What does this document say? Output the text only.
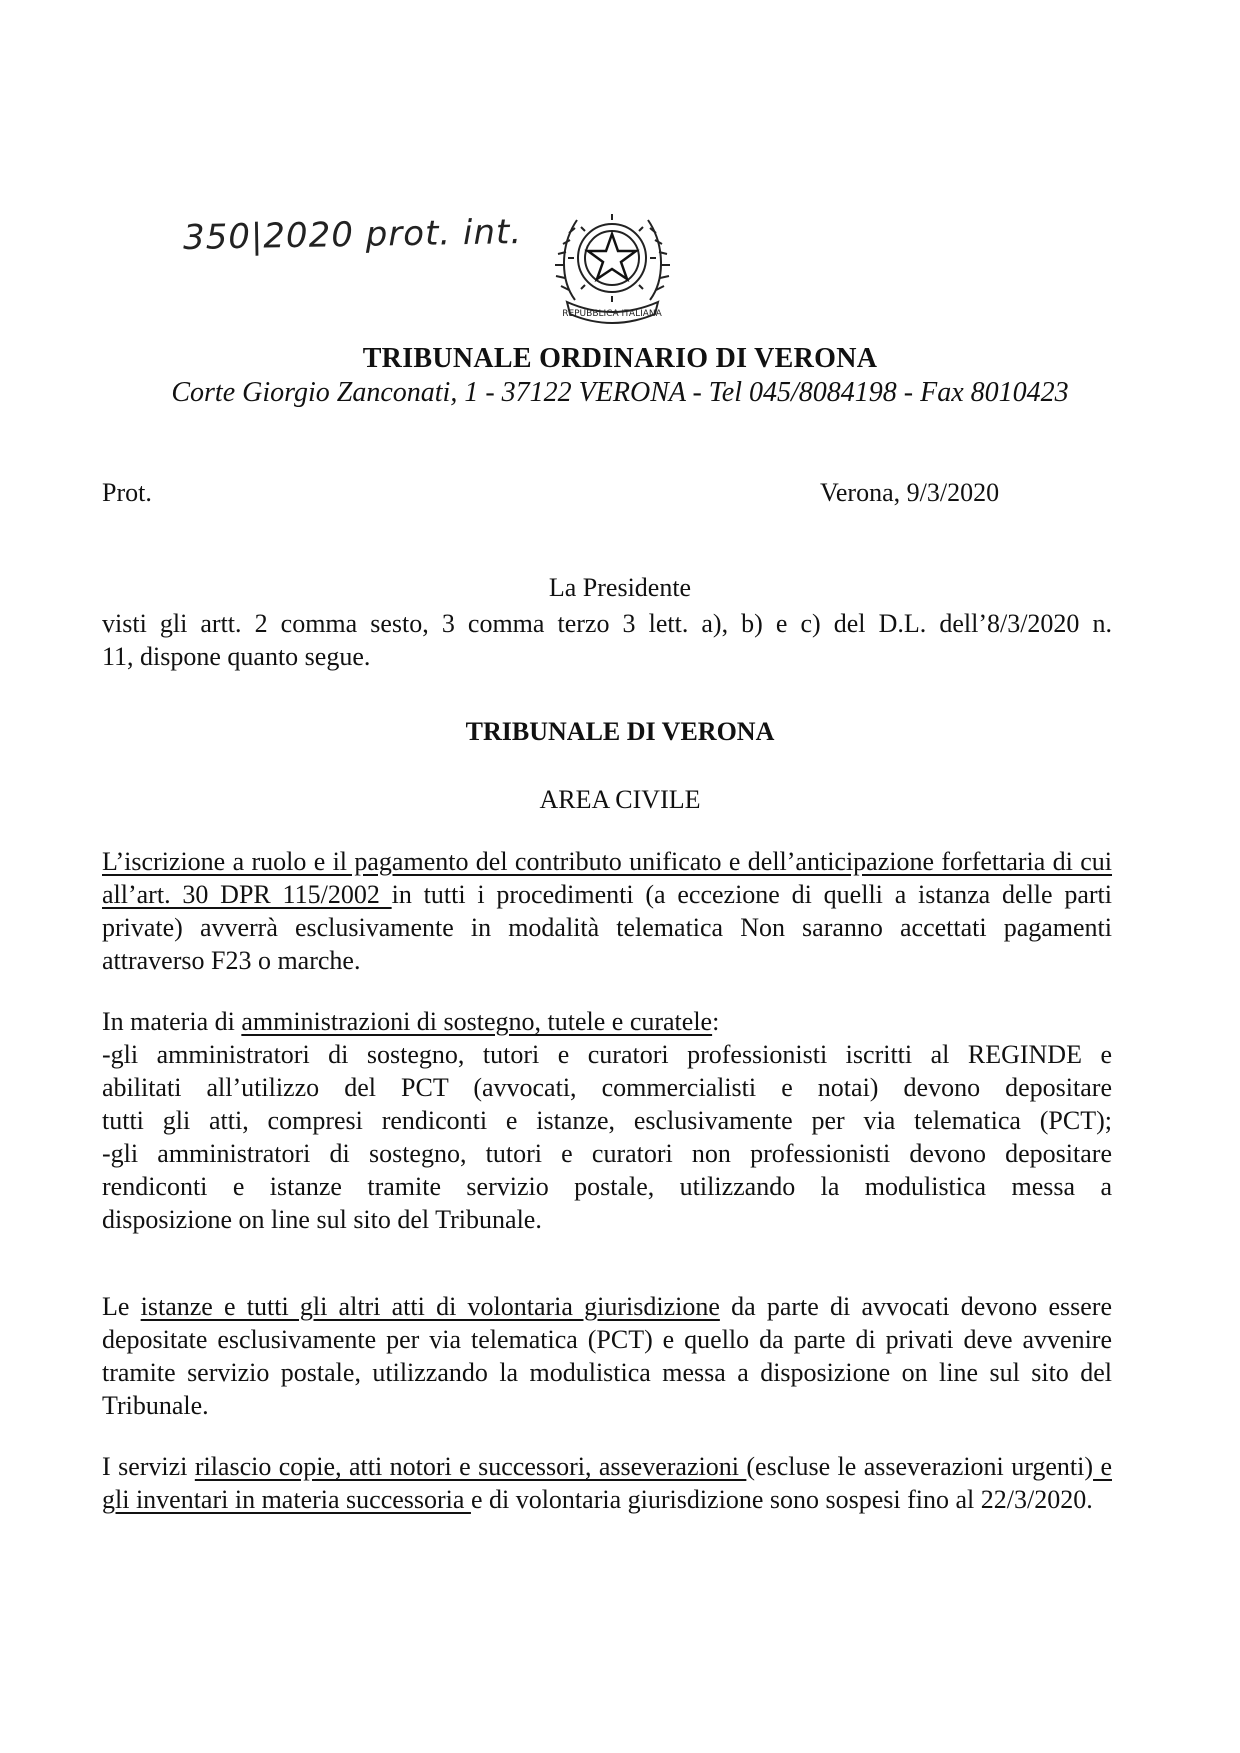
350|2020 prot. int.
REPUBBLICA ITALIANA
TRIBUNALE ORDINARIO DI VERONA
Corte Giorgio Zanconati, 1 - 37122 VERONA - Tel 045/8084198 - Fax 8010423
Prot.	Verona, 9/3/2020
La Presidente
visti gli artt. 2 comma sesto, 3 comma terzo 3 lett. a), b) e c) del D.L. dell’8/3/2020 n.
11, dispone quanto segue.
TRIBUNALE DI VERONA
AREA CIVILE
L’iscrizione a ruolo e il pagamento del contributo unificato e dell’anticipazione forfettaria di cui all’art. 30 DPR 115/2002 in tutti i procedimenti (a eccezione di quelli a istanza delle parti private) avverrà esclusivamente in modalità telematica Non saranno accettati pagamenti attraverso F23 o marche.
In materia di amministrazioni di sostegno, tutele e curatele:
-gli amministratori di sostegno, tutori e curatori professionisti iscritti al REGINDE e
abilitati all’utilizzo del PCT (avvocati, commercialisti e notai) devono depositare
tutti gli atti, compresi rendiconti e istanze, esclusivamente per via telematica (PCT);
-gli amministratori di sostegno, tutori e curatori non professionisti devono depositare
rendiconti e istanze tramite servizio postale, utilizzando la modulistica messa a
disposizione on line sul sito del Tribunale.
Le istanze e tutti gli altri atti di volontaria giurisdizione da parte di avvocati devono essere depositate esclusivamente per via telematica (PCT) e quello da parte di privati deve avvenire tramite servizio postale, utilizzando la modulistica messa a disposizione on line sul sito del Tribunale.
I servizi rilascio copie, atti notori e successori, asseverazioni (escluse le asseverazioni urgenti) e gli inventari in materia successoria e di volontaria giurisdizione sono sospesi fino al 22/3/2020.
